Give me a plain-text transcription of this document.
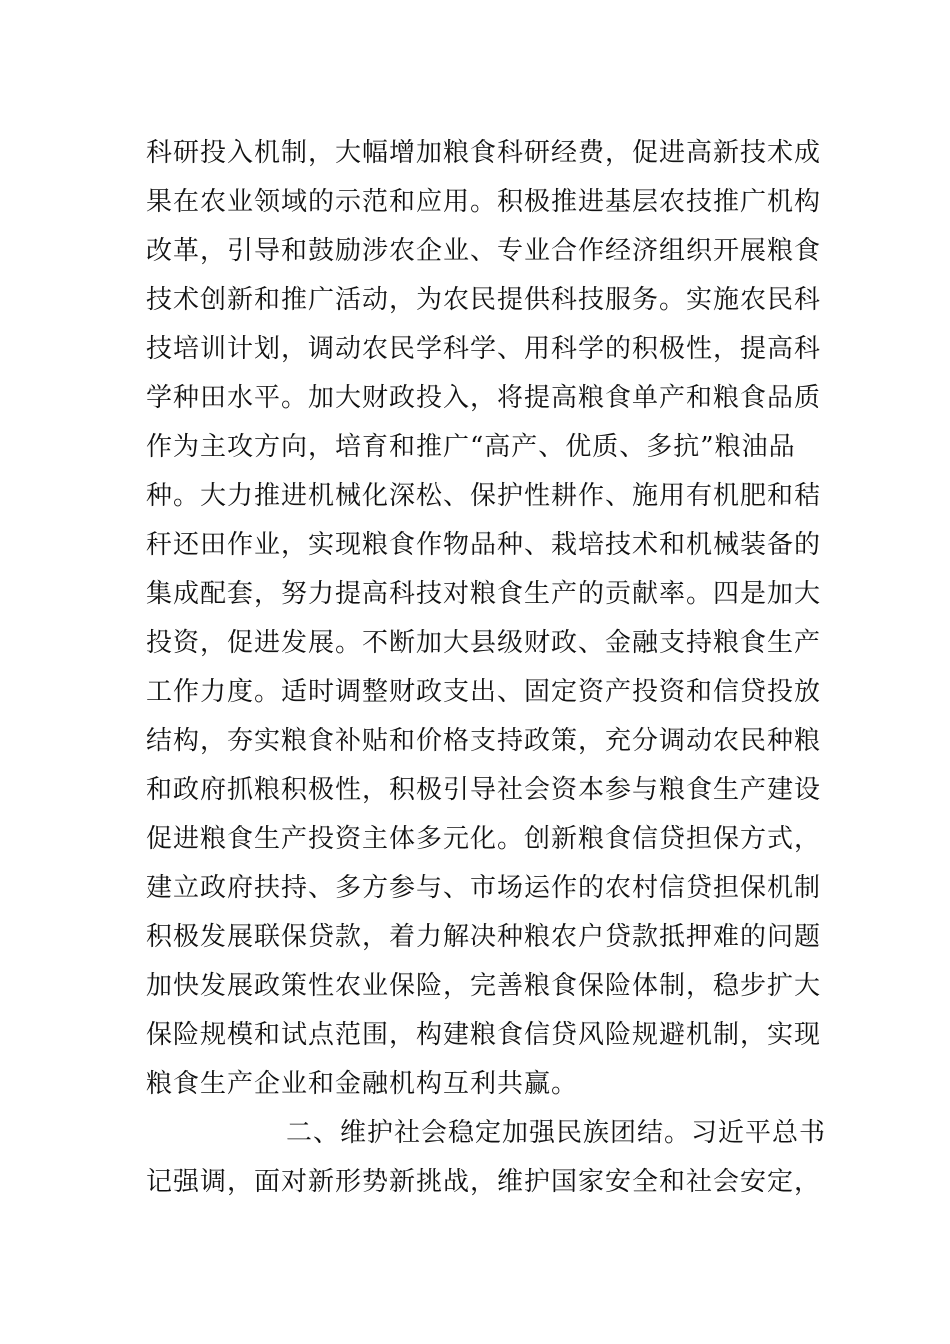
科研投入机制，大幅增加粮食科研经费，促进高新技术成
果在农业领域的示范和应用。积极推进基层农技推广机构
改革，引导和鼓励涉农企业、专业合作经济组织开展粮食
技术创新和推广活动，为农民提供科技服务。实施农民科
技培训计划，调动农民学科学、用科学的积极性，提高科
学种田水平。加大财政投入，将提高粮食单产和粮食品质
作为主攻方向，培育和推广“高产、优质、多抗”粮油品
种。大力推进机械化深松、保护性耕作、施用有机肥和秸
秆还田作业，实现粮食作物品种、栽培技术和机械装备的
集成配套，努力提高科技对粮食生产的贡献率。四是加大
投资，促进发展。不断加大县级财政、金融支持粮食生产
工作力度。适时调整财政支出、固定资产投资和信贷投放
结构，夯实粮食补贴和价格支持政策，充分调动农民种粮
和政府抓粮积极性，积极引导社会资本参与粮食生产建设
促进粮食生产投资主体多元化。创新粮食信贷担保方式，
建立政府扶持、多方参与、市场运作的农村信贷担保机制
积极发展联保贷款，着力解决种粮农户贷款抵押难的问题
加快发展政策性农业保险，完善粮食保险体制，稳步扩大
保险规模和试点范围，构建粮食信贷风险规避机制，实现
粮食生产企业和金融机构互利共赢。
二、维护社会稳定加强民族团结。习近平总书
记强调，面对新形势新挑战，维护国家安全和社会安定，
